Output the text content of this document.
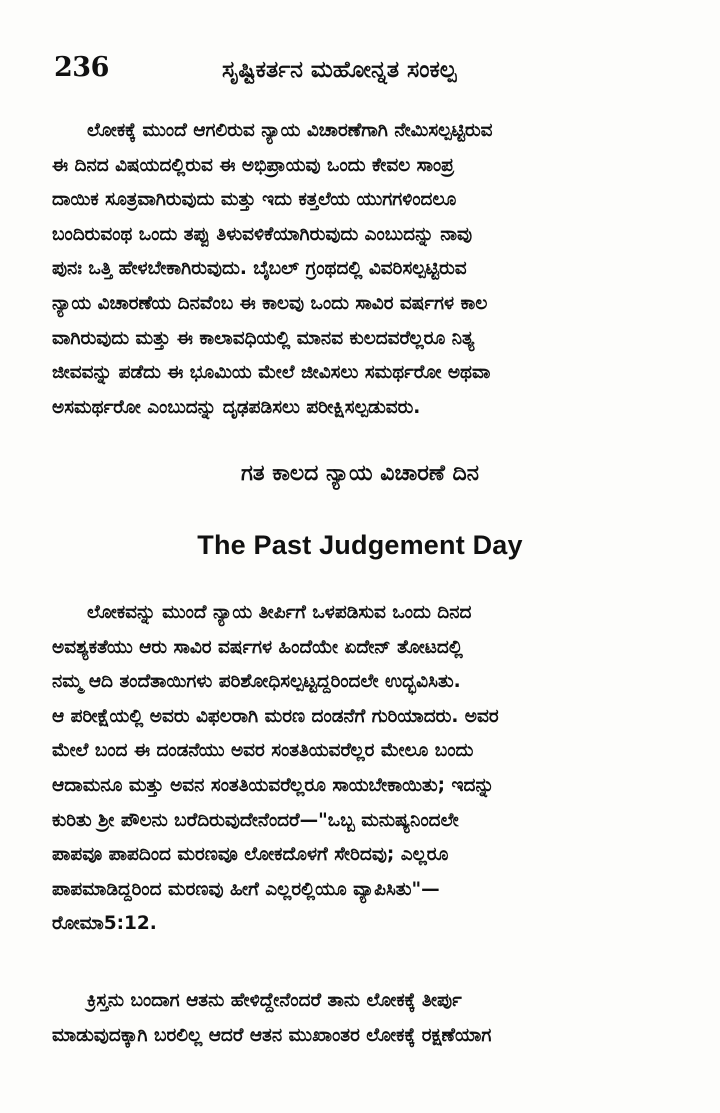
236	ಸೃಷ್ಟಿಕರ್ತನ ಮಹೋನ್ನತ ಸಂಕಲ್ಪ
ಲೋಕಕ್ಕೆ ಮುಂದೆ ಆಗಲಿರುವ ನ್ಯಾಯ ವಿಚಾರಣೆಗಾಗಿ ನೇಮಿಸಲ್ಪಟ್ಟಿರುವ
ಈ ದಿನದ ವಿಷಯದಲ್ಲಿರುವ ಈ ಅಭಿಪ್ರಾಯವು ಒಂದು ಕೇವಲ ಸಾಂಪ್ರ
ದಾಯಿಕ ಸೂತ್ರವಾಗಿರುವುದು ಮತ್ತು ಇದು ಕತ್ತಲೆಯ ಯುಗಗಳಿಂದಲೂ
ಬಂದಿರುವಂಥ ಒಂದು ತಪ್ಪು ತಿಳುವಳಿಕೆಯಾಗಿರುವುದು ಎಂಬುದನ್ನು ನಾವು
ಪುನಃ ಒತ್ತಿ ಹೇಳಬೇಕಾಗಿರುವುದು. ಬೈಬಲ್ ಗ್ರಂಥದಲ್ಲಿ ವಿವರಿಸಲ್ಪಟ್ಟಿರುವ
ನ್ಯಾಯ ವಿಚಾರಣೆಯ ದಿನವೆಂಬ ಈ ಕಾಲವು ಒಂದು ಸಾವಿರ ವರ್ಷಗಳ ಕಾಲ
ವಾಗಿರುವುದು ಮತ್ತು ಈ ಕಾಲಾವಧಿಯಲ್ಲಿ ಮಾನವ ಕುಲದವರೆಲ್ಲರೂ ನಿತ್ಯ
ಜೀವವನ್ನು ಪಡೆದು ಈ ಭೂಮಿಯ ಮೇಲೆ ಜೀವಿಸಲು ಸಮರ್ಥರೋ ಅಥವಾ
ಅಸಮರ್ಥರೋ ಎಂಬುದನ್ನು ದೃಢಪಡಿಸಲು ಪರೀಕ್ಷಿಸಲ್ಪಡುವರು.
ಗತ ಕಾಲದ ನ್ಯಾಯ ವಿಚಾರಣೆ ದಿನ
The Past Judgement Day
ಲೋಕವನ್ನು ಮುಂದೆ ನ್ಯಾಯ ತೀರ್ಪಿಗೆ ಒಳಪಡಿಸುವ ಒಂದು ದಿನದ
ಅವಶ್ಯಕತೆಯು ಆರು ಸಾವಿರ ವರ್ಷಗಳ ಹಿಂದೆಯೇ ಏದೇನ್ ತೋಟದಲ್ಲಿ
ನಮ್ಮ ಆದಿ ತಂದೆತಾಯಿಗಳು ಪರಿಶೋಧಿಸಲ್ಪಟ್ಟದ್ದರಿಂದಲೇ ಉದ್ಭವಿಸಿತು.
ಆ ಪರೀಕ್ಷೆಯಲ್ಲಿ ಅವರು ವಿಫಲರಾಗಿ ಮರಣ ದಂಡನೆಗೆ ಗುರಿಯಾದರು. ಅವರ
ಮೇಲೆ ಬಂದ ಈ ದಂಡನೆಯು ಅವರ ಸಂತತಿಯವರೆಲ್ಲರ ಮೇಲೂ ಬಂದು
ಆದಾಮನೂ ಮತ್ತು ಅವನ ಸಂತತಿಯವರೆಲ್ಲರೂ ಸಾಯಬೇಕಾಯಿತು; ಇದನ್ನು
ಕುರಿತು ಶ್ರೀ ಪೌಲನು ಬರೆದಿರುವುದೇನೆಂದರೆ—"ಒಬ್ಬ ಮನುಷ್ಯನಿಂದಲೇ
ಪಾಪವೂ ಪಾಪದಿಂದ ಮರಣವೂ ಲೋಕದೊಳಗೆ ಸೇರಿದವು; ಎಲ್ಲರೂ
ಪಾಪಮಾಡಿದ್ದರಿಂದ ಮರಣವು ಹೀಗೆ ಎಲ್ಲರಲ್ಲಿಯೂ ವ್ಯಾಪಿಸಿತು"—
ರೋಮಾ5:12.
ಕ್ರಿಸ್ತನು ಬಂದಾಗ ಆತನು ಹೇಳಿದ್ದೇನೆಂದರೆ ತಾನು ಲೋಕಕ್ಕೆ ತೀರ್ಪು
ಮಾಡುವುದಕ್ಕಾಗಿ ಬರಲಿಲ್ಲ ಆದರೆ ಆತನ ಮುಖಾಂತರ ಲೋಕಕ್ಕೆ ರಕ್ಷಣೆಯಾಗ
